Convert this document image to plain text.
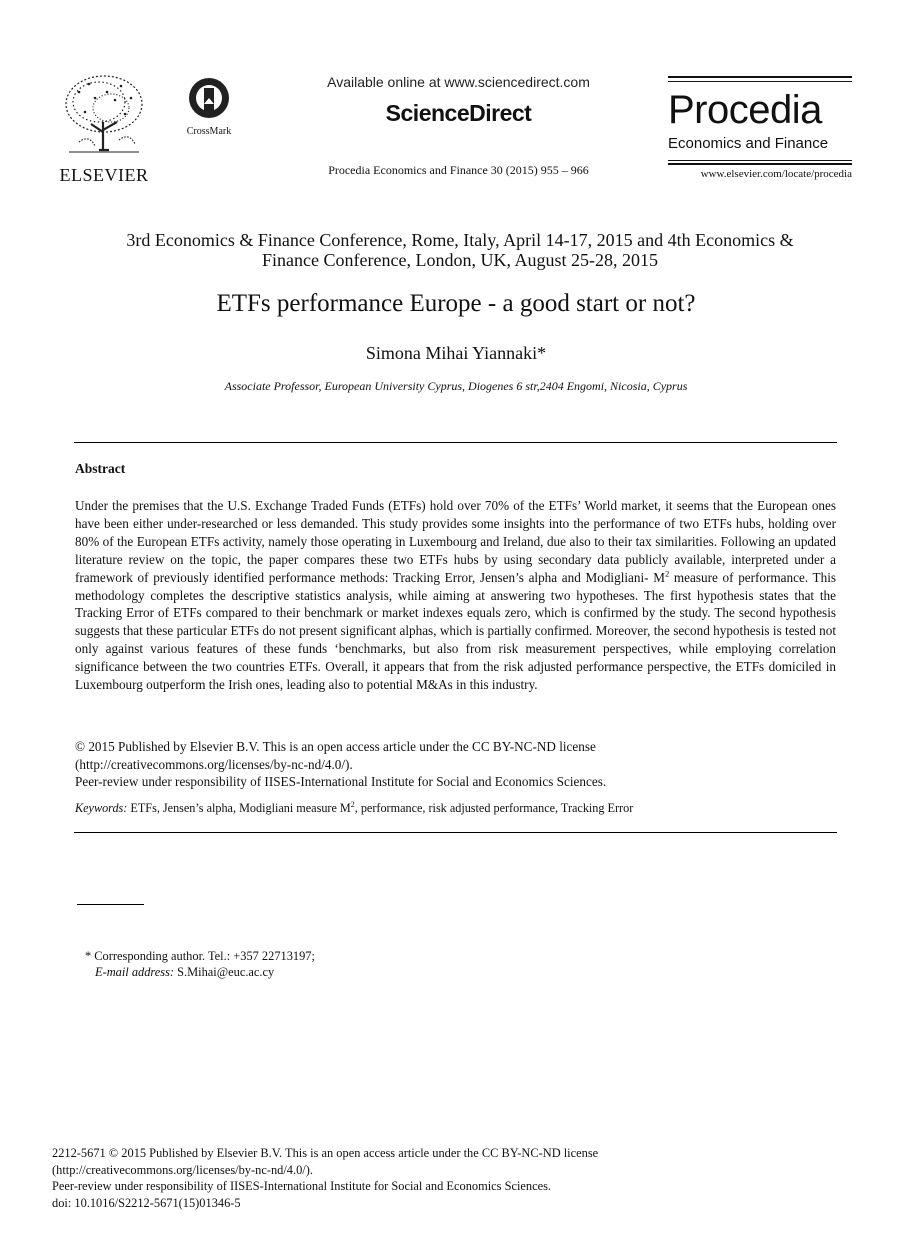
ELSEVIER
CrossMark
Available online at www.sciencedirect.com
ScienceDirect
Procedia Economics and Finance 30 (2015) 955 – 966
Procedia
Economics and Finance
www.elsevier.com/locate/procedia
3rd Economics & Finance Conference, Rome, Italy, April 14-17, 2015 and 4th Economics &
Finance Conference, London, UK, August 25-28, 2015
ETFs performance Europe - a good start or not?
Simona Mihai Yiannaki*
Associate Professor, European University Cyprus, Diogenes 6 str,2404 Engomi, Nicosia, Cyprus
Abstract
Under the premises that the U.S. Exchange Traded Funds (ETFs) hold over 70% of the ETFs’ World market, it seems that the European ones have been either under-researched or less demanded. This study provides some insights into the performance of two ETFs hubs, holding over 80% of the European ETFs activity, namely those operating in Luxembourg and Ireland, due also to their tax similarities. Following an updated literature review on the topic, the paper compares these two ETFs hubs by using secondary data publicly available, interpreted under a framework of previously identified performance methods: Tracking Error, Jensen’s alpha and Modigliani- $M^2$ measure of performance. This methodology completes the descriptive statistics analysis, while aiming at answering two hypotheses. The first hypothesis states that the Tracking Error of ETFs compared to their benchmark or market indexes equals zero, which is confirmed by the study. The second hypothesis suggests that these particular ETFs do not present significant alphas, which is partially confirmed. Moreover, the second hypothesis is tested not only against various features of these funds ‘benchmarks, but also from risk measurement perspectives, while employing correlation significance between the two countries ETFs. Overall, it appears that from the risk adjusted performance perspective, the ETFs domiciled in Luxembourg outperform the Irish ones, leading also to potential M&As in this industry.
© 2015 Published by Elsevier B.V. This is an open access article under the CC BY-NC-ND license
(http://creativecommons.org/licenses/by-nc-nd/4.0/).
Peer-review under responsibility of IISES-International Institute for Social and Economics Sciences.
Keywords: ETFs, Jensen’s alpha, Modigliani measure $M^2$, performance, risk adjusted performance, Tracking Error
* Corresponding author. Tel.: +357 22713197;
E-mail address: S.Mihai@euc.ac.cy
2212-5671 © 2015 Published by Elsevier B.V. This is an open access article under the CC BY-NC-ND license
(http://creativecommons.org/licenses/by-nc-nd/4.0/).
Peer-review under responsibility of IISES-International Institute for Social and Economics Sciences.
doi: 10.1016/S2212-5671(15)01346-5
